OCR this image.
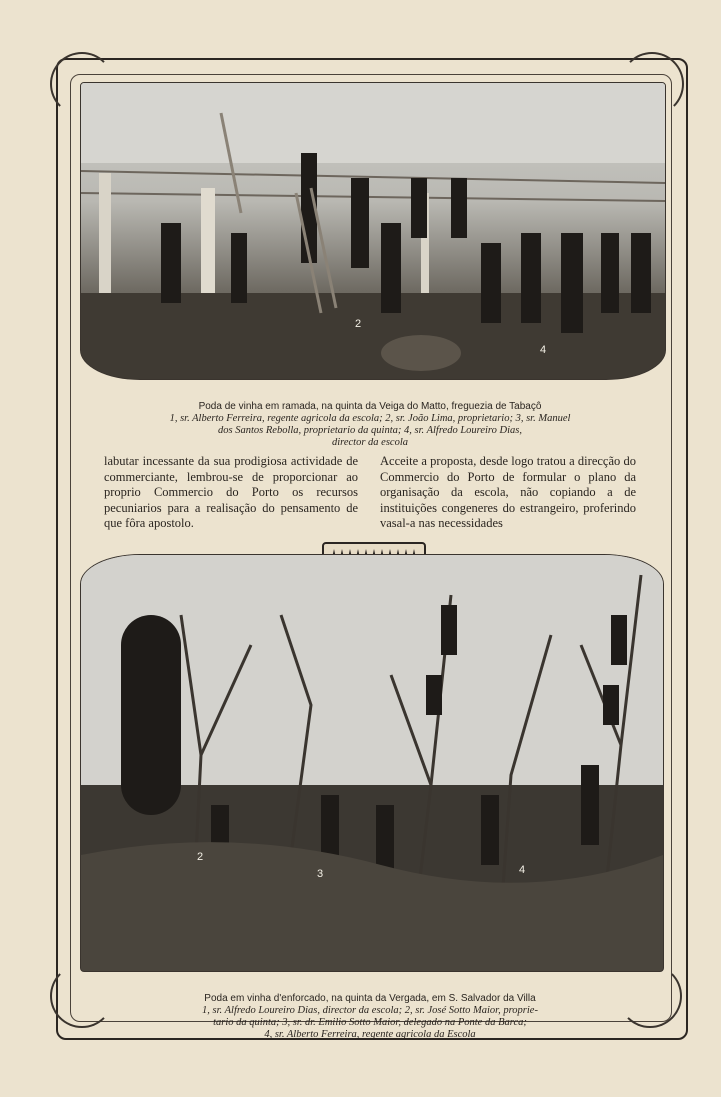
2
4
Poda de vinha em ramada, na quinta da Veiga do Matto, freguezia de Tabaçô
1, sr. Alberto Ferreira, regente agricola da escola; 2, sr. João Lima, proprietario; 3, sr. Manuel
dos Santos Rebolla, proprietario da quinta; 4, sr. Alfredo Loureiro Dias,
director da escola

labutar incessante da sua prodigiosa actividade de commerciante, lembrou-se de proporcionar ao proprio Commercio do Porto os recursos pecuniarios para a realisação do pensamento de que fôra apostolo.

Acceite a proposta, desde logo tratou a direcção do Commercio do Porto de formular o plano da organisação da escola, não copiando a de instituições congeneres do estrangeiro, proferindo vasal-a nas necessidades

2
3	4
Poda em vinha d'enforcado, na quinta da Vergada, em S. Salvador da Villa
1, sr. Alfredo Loureiro Dias, director da escola; 2, sr. José Sotto Maior, proprie-
tario da quinta; 3, sr. dr. Emilio Sotto Maior, delegado na Ponte da Barca;
4, sr. Alberto Ferreira, regente agricola da Escola
